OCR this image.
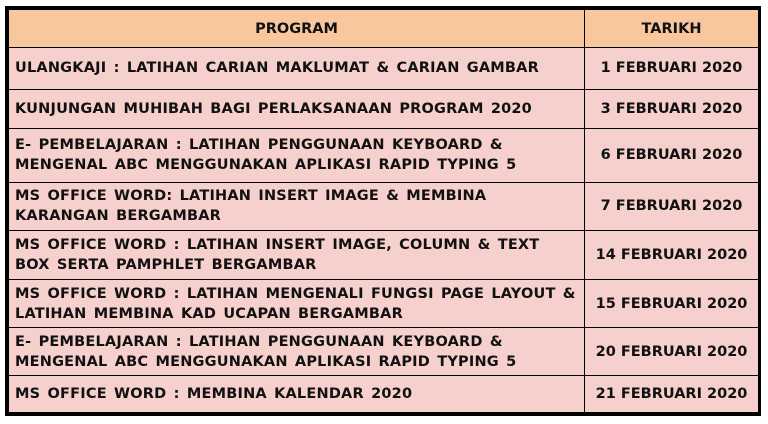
PROGRAM	TARIKH
ULANGKAJI : LATIHAN CARIAN MAKLUMAT & CARIAN GAMBAR	1 FEBRUARI 2020
KUNJUNGAN MUHIBAH BAGI PERLAKSANAAN PROGRAM 2020	3 FEBRUARI 2020
E- PEMBELAJARAN : LATIHAN PENGGUNAAN KEYBOARD & MENGENAL ABC MENGGUNAKAN APLIKASI RAPID TYPING 5	6 FEBRUARI 2020
MS OFFICE WORD: LATIHAN INSERT IMAGE & MEMBINA KARANGAN BERGAMBAR	7 FEBRUARI 2020
MS OFFICE WORD : LATIHAN INSERT IMAGE, COLUMN & TEXT BOX SERTA PAMPHLET BERGAMBAR	14 FEBRUARI 2020
MS OFFICE WORD : LATIHAN MENGENALI FUNGSI PAGE LAYOUT & LATIHAN MEMBINA KAD UCAPAN BERGAMBAR	15 FEBRUARI 2020
E- PEMBELAJARAN : LATIHAN PENGGUNAAN KEYBOARD & MENGENAL ABC MENGGUNAKAN APLIKASI RAPID TYPING 5	20 FEBRUARI 2020
MS OFFICE WORD : MEMBINA KALENDAR 2020	21 FEBRUARI 2020
